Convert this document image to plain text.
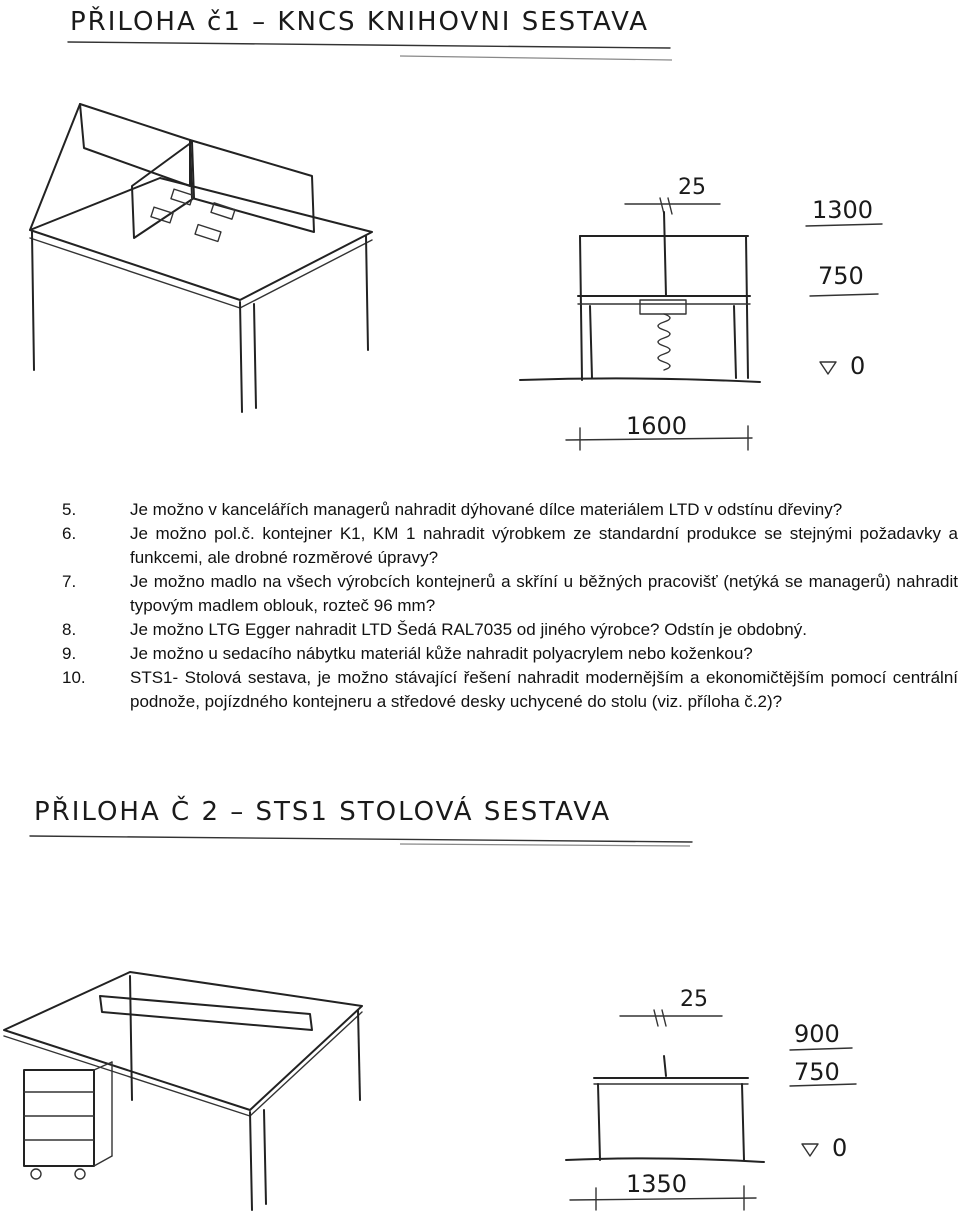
PŘILOHA č1 – KNCS KNIHOVNI SESTAVA
25
1300
750
0
1600
5.	Je možno v kancelářích managerů nahradit dýhované dílce materiálem LTD v odstínu dřeviny?
6.	Je možno pol.č. kontejner K1, KM 1 nahradit výrobkem ze standardní produkce se stejnými požadavky a funkcemi, ale drobné rozměrové úpravy?
7.	Je možno madlo na všech výrobcích kontejnerů a skříní u běžných pracovišť (netýká se managerů) nahradit typovým madlem oblouk, rozteč 96 mm?
8.	Je možno LTG Egger nahradit LTD Šedá RAL7035 od jiného výrobce? Odstín je obdobný.
9.	Je možno u sedacího nábytku materiál kůže nahradit polyacrylem nebo koženkou?
10.	STS1- Stolová sestava, je možno stávající řešení nahradit modernějším a ekonomičtějším pomocí centrální podnože, pojízdného kontejneru a středové desky uchycené do stolu (viz. příloha č.2)?
PŘILOHA Č 2 – STS1 STOLOVÁ SESTAVA
25
900
750
0
1350
